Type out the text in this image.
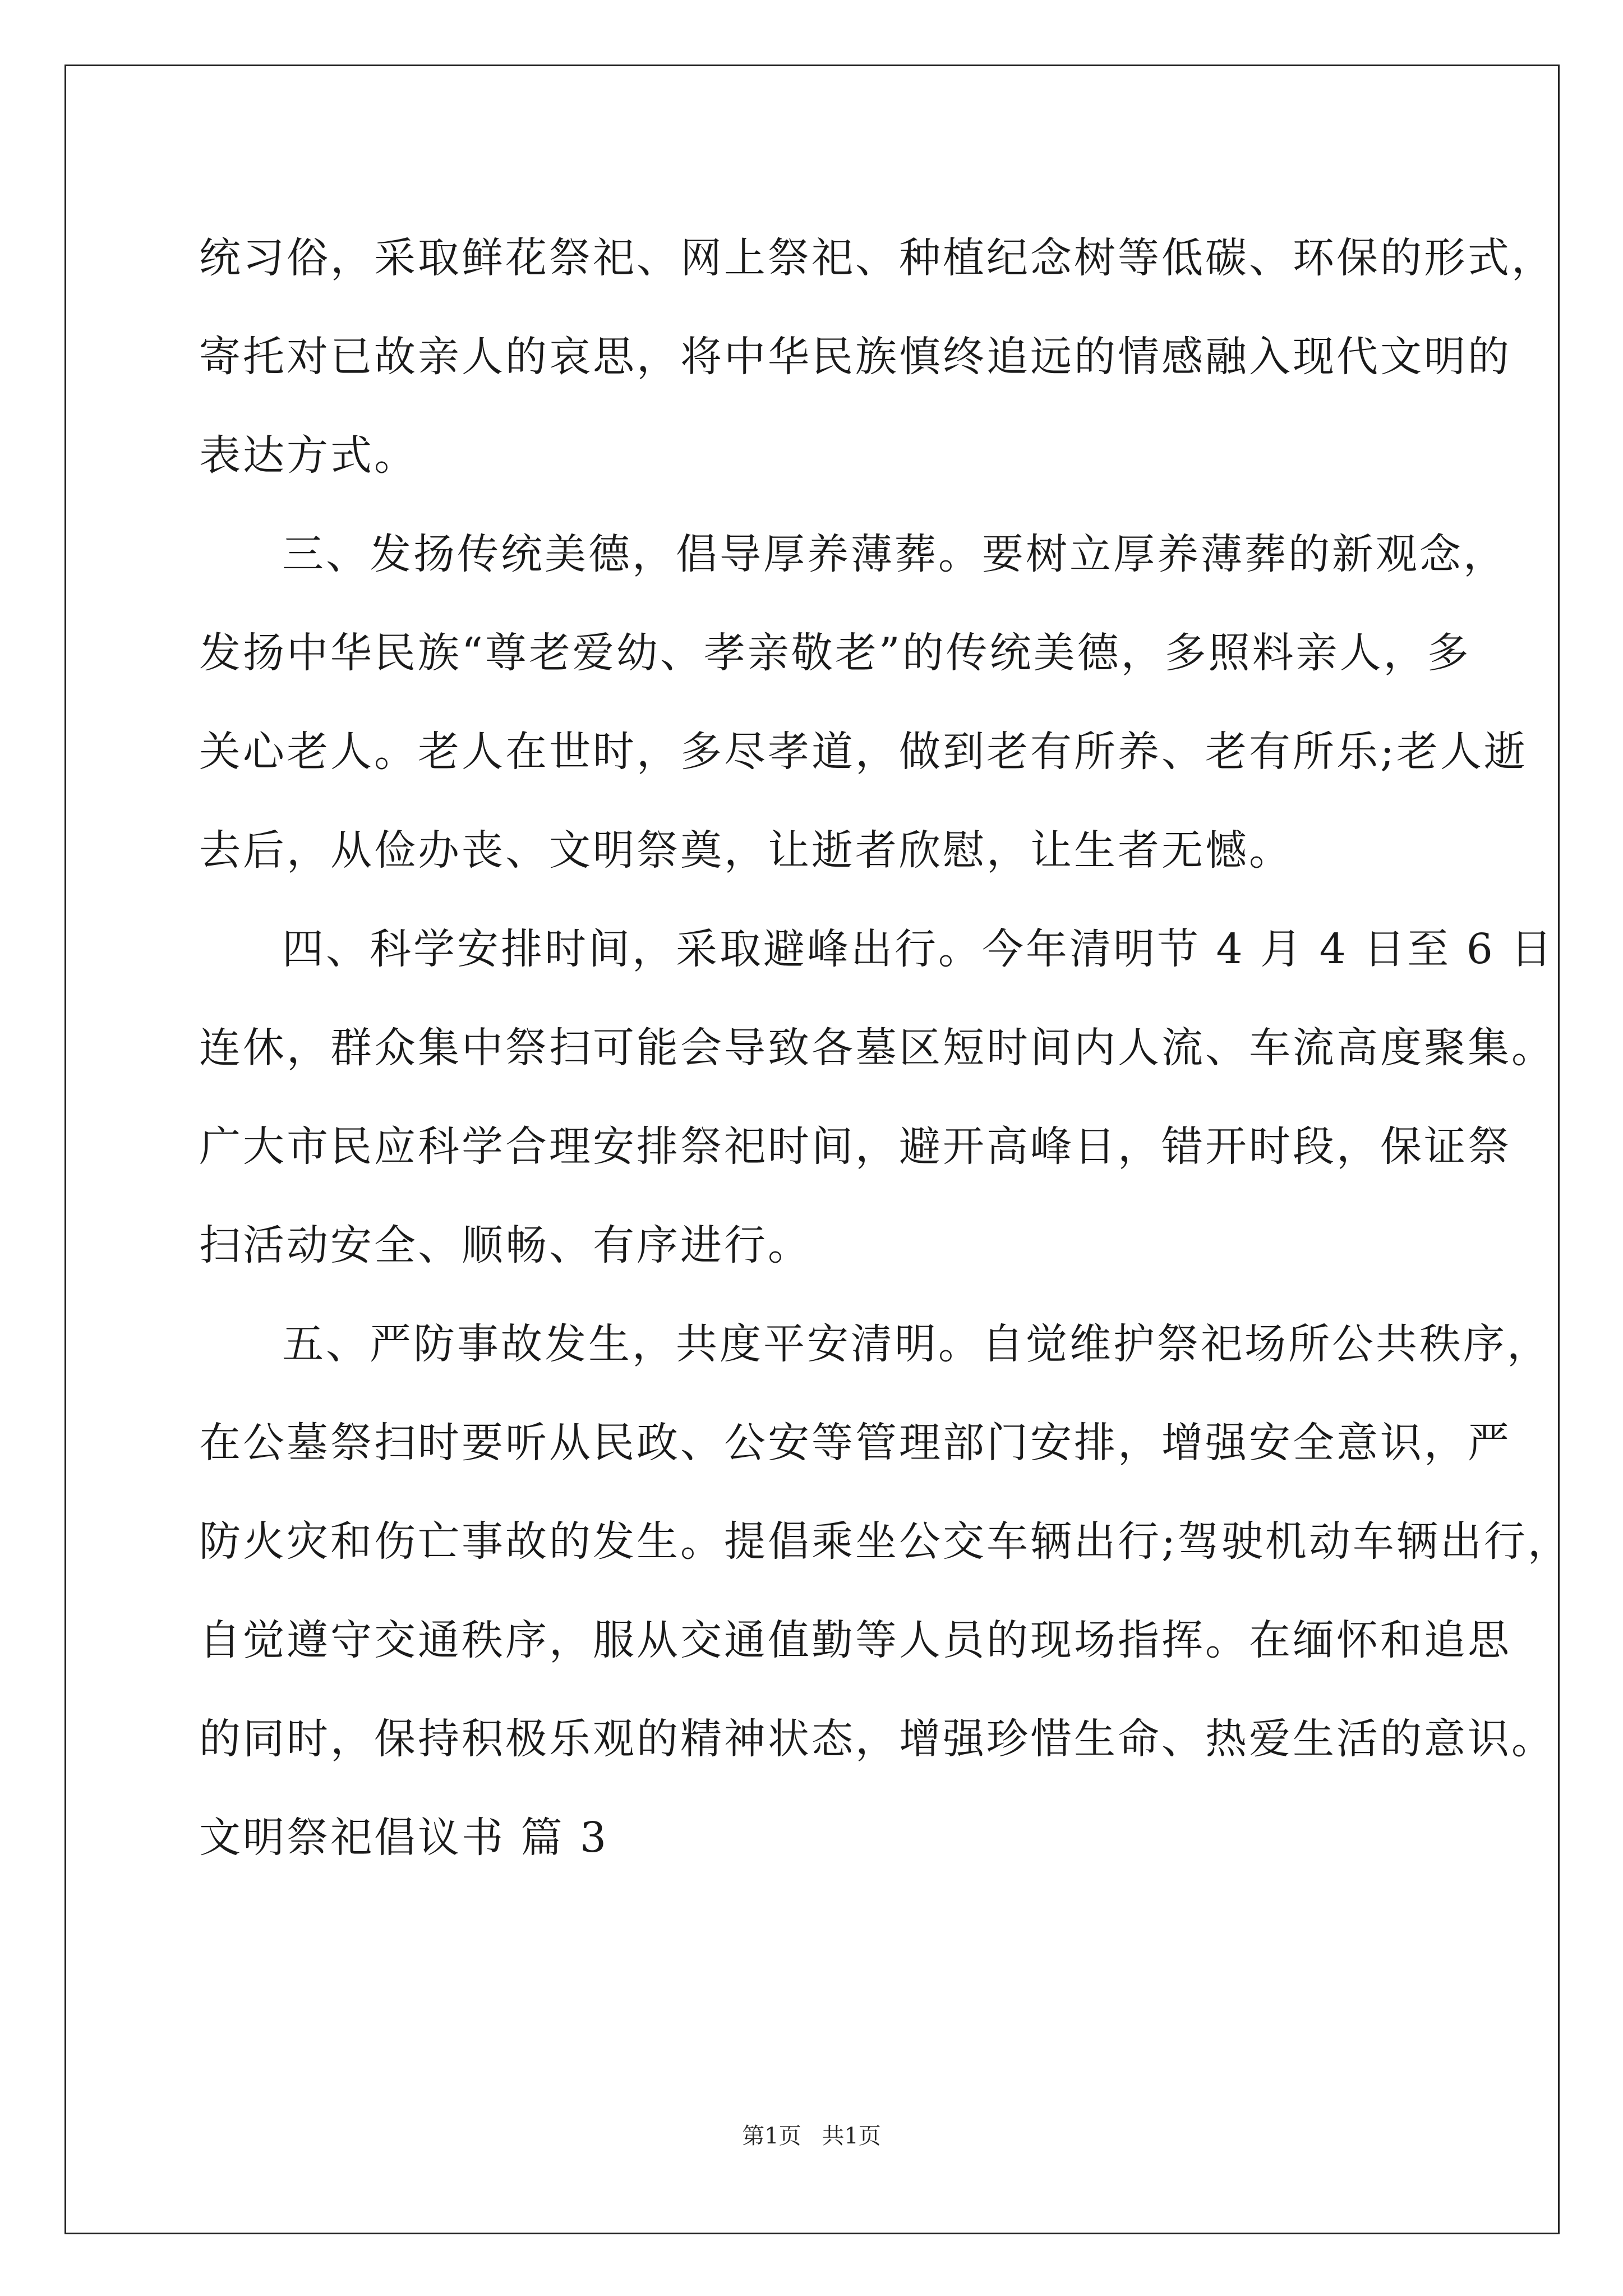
统习俗，采取鲜花祭祀、网上祭祀、种植纪念树等低碳、环保的形式，
寄托对已故亲人的哀思，将中华民族慎终追远的情感融入现代文明的
表达方式。
三、发扬传统美德，倡导厚养薄葬。要树立厚养薄葬的新观念，
发扬中华民族“尊老爱幼、孝亲敬老”的传统美德，多照料亲人，多
关心老人。老人在世时，多尽孝道，做到老有所养、老有所乐;老人逝
去后，从俭办丧、文明祭奠，让逝者欣慰，让生者无憾。
四、科学安排时间，采取避峰出行。今年清明节 4 月 4 日至 6 日
连休，群众集中祭扫可能会导致各墓区短时间内人流、车流高度聚集。
广大市民应科学合理安排祭祀时间，避开高峰日，错开时段，保证祭
扫活动安全、顺畅、有序进行。
五、严防事故发生，共度平安清明。自觉维护祭祀场所公共秩序，
在公墓祭扫时要听从民政、公安等管理部门安排，增强安全意识，严
防火灾和伤亡事故的发生。提倡乘坐公交车辆出行;驾驶机动车辆出行，
自觉遵守交通秩序，服从交通值勤等人员的现场指挥。在缅怀和追思
的同时，保持积极乐观的精神状态，增强珍惜生命、热爱生活的意识。
文明祭祀倡议书 篇 3
第1页 共1页
